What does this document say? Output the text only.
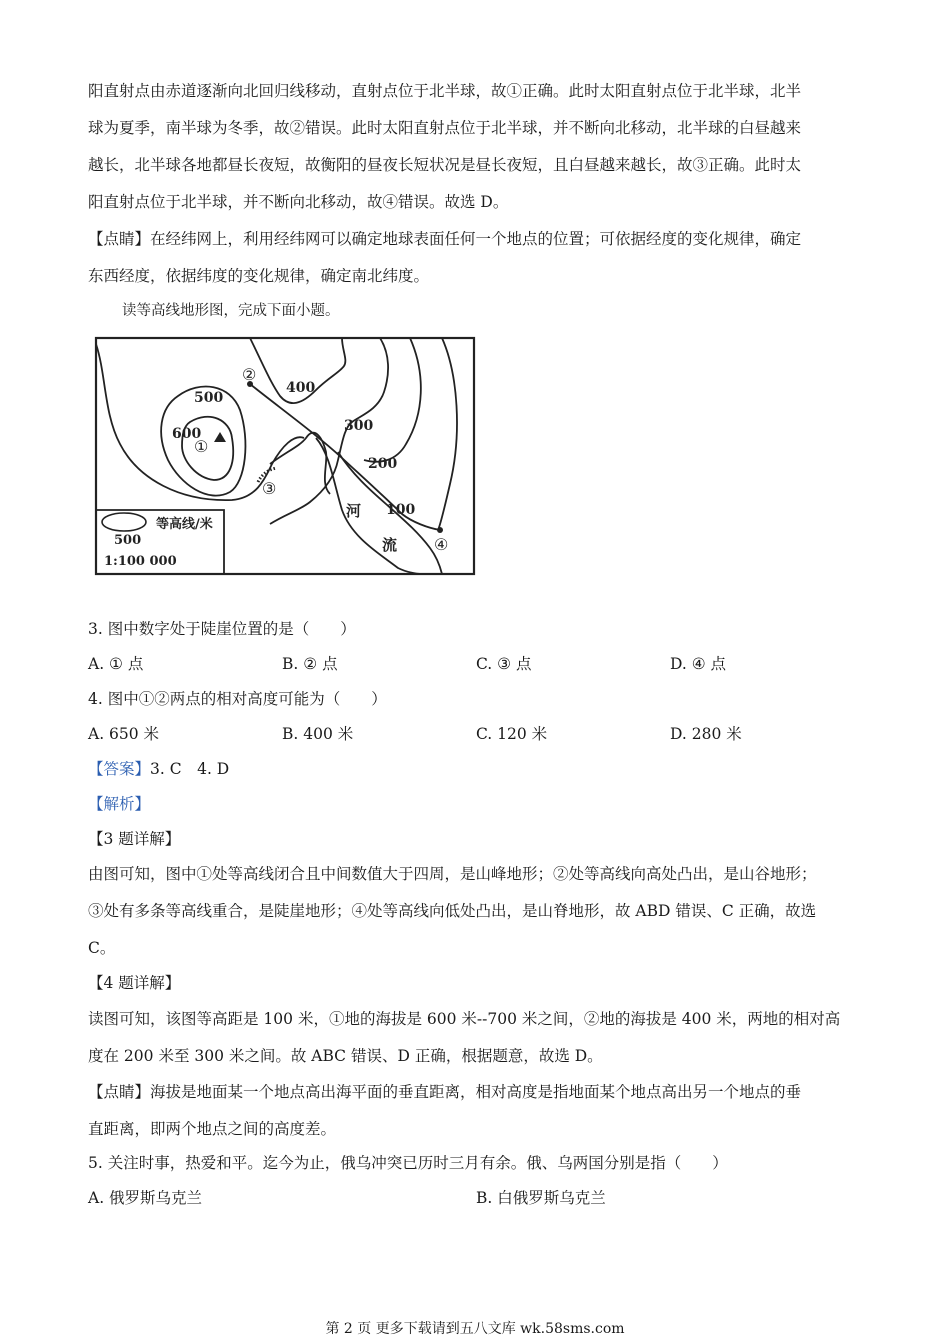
阳直射点由赤道逐渐向北回归线移动，直射点位于北半球，故①正确。此时太阳直射点位于北半球，北半
球为夏季，南半球为冬季，故②错误。此时太阳直射点位于北半球，并不断向北移动，北半球的白昼越来
越长，北半球各地都昼长夜短，故衡阳的昼夜长短状况是昼长夜短，且白昼越来越长，故③正确。此时太
阳直射点位于北半球，并不断向北移动，故④错误。故选 D。
【点睛】在经纬网上，利用经纬网可以确定地球表面任何一个地点的位置；可依据经度的变化规律，确定
东西经度，依据纬度的变化规律，确定南北纬度。
读等高线地形图，完成下面小题。
500
等高线/米
1:100 000
500
600
①
②
400
300
200
③
100
河
流 ④
3. 图中数字处于陡崖位置的是（　　）
A. ① 点	B. ② 点	C. ③ 点	D. ④ 点
4. 图中①②两点的相对高度可能为（　　）
A. 650 米	B. 400 米	C. 120 米	D. 280 米
【答案】3. C　4. D
【解析】
【3 题详解】
由图可知，图中①处等高线闭合且中间数值大于四周，是山峰地形；②处等高线向高处凸出，是山谷地形；
③处有多条等高线重合，是陡崖地形；④处等高线向低处凸出，是山脊地形，故 ABD 错误、C 正确，故选
C。
【4 题详解】
读图可知，该图等高距是 100 米，①地的海拔是 600 米--700 米之间，②地的海拔是 400 米，两地的相对高
度在 200 米至 300 米之间。故 ABC 错误、D 正确，根据题意，故选 D。
【点睛】海拔是地面某一个地点高出海平面的垂直距离，相对高度是指地面某个地点高出另一个地点的垂
直距离，即两个地点之间的高度差。
5. 关注时事，热爱和平。迄今为止，俄乌冲突已历时三月有余。俄、乌两国分别是指（　　）
A. 俄罗斯乌克兰	B. 白俄罗斯乌克兰
第 2 页 更多下载请到五八文库 wk.58sms.com
